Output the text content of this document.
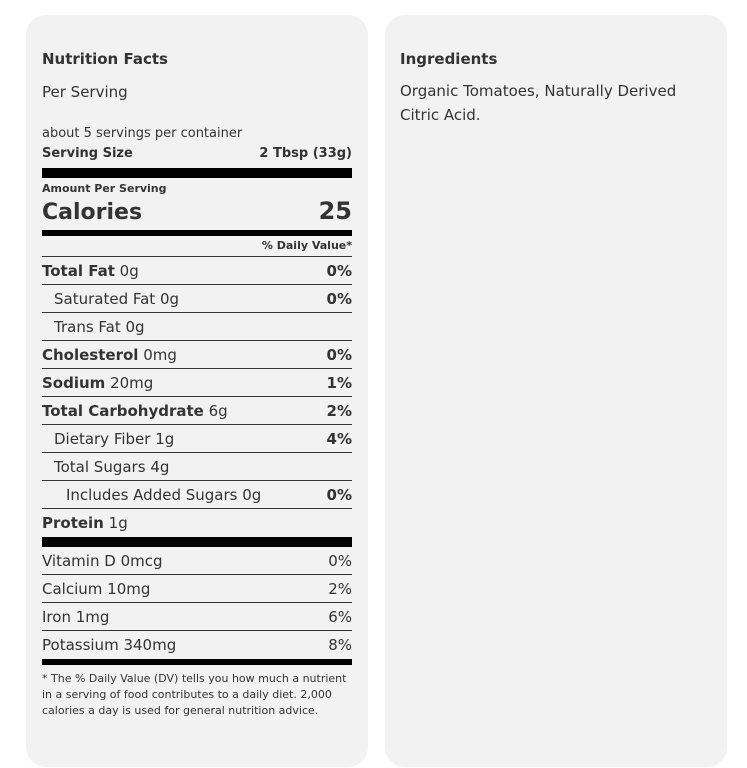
Nutrition Facts
Per Serving
about 5 servings per container
Serving Size	2 Tbsp (33g)
Amount Per Serving
Calories	25
% Daily Value*
Total Fat 0g	0%
Saturated Fat 0g	0%
Trans Fat 0g
Cholesterol 0mg	0%
Sodium 20mg	1%
Total Carbohydrate 6g	2%
Dietary Fiber 1g	4%
Total Sugars 4g
Includes Added Sugars 0g	0%
Protein 1g
Vitamin D 0mcg	0%
Calcium 10mg	2%
Iron 1mg	6%
Potassium 340mg	8%
* The % Daily Value (DV) tells you how much a nutrient in a serving of food contributes to a daily diet. 2,000 calories a day is used for general nutrition advice.
Ingredients
Organic Tomatoes, Naturally Derived Citric Acid.
